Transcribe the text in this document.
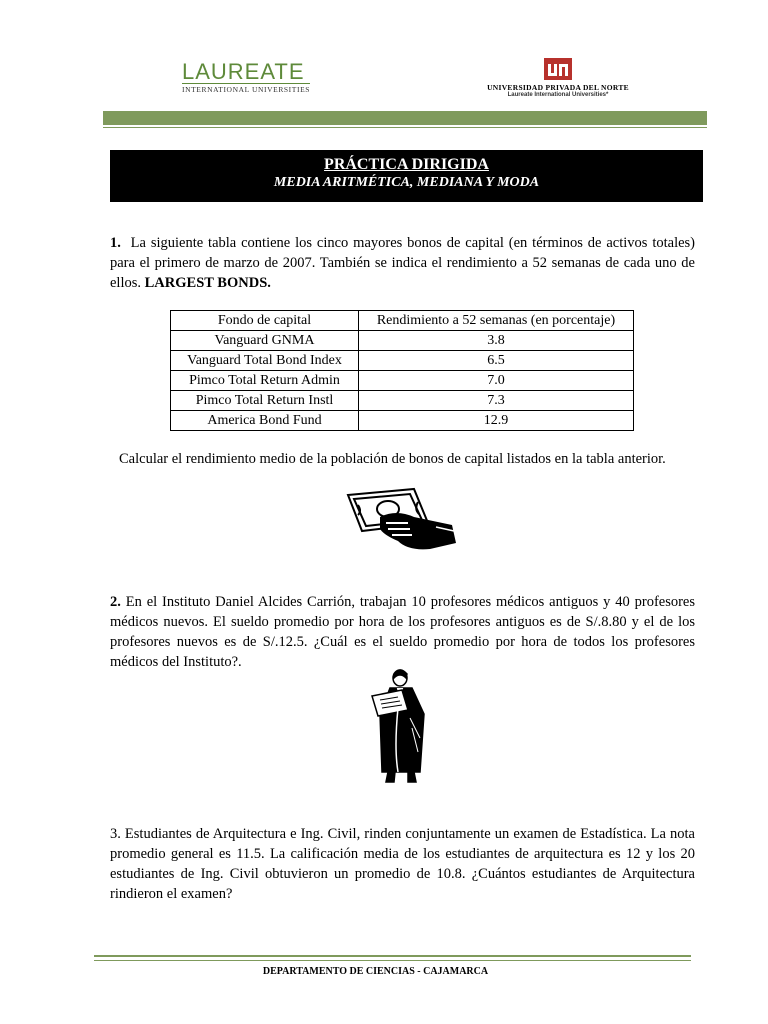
LAUREATE
INTERNATIONAL UNIVERSITIES	UNIVERSIDAD PRIVADA DEL NORTE
Laureate International Universities*
PRÁCTICA DIRIGIDA
MEDIA ARITMÉTICA, MEDIANA Y MODA
1. La siguiente tabla contiene los cinco mayores bonos de capital (en términos de activos totales) para el primero de marzo de 2007. También se indica el rendimiento a 52 semanas de cada uno de ellos. LARGEST BONDS.
Fondo de capital	Rendimiento a 52 semanas (en porcentaje)
Vanguard GNMA	3.8
Vanguard Total Bond Index	6.5
Pimco Total Return Admin	7.0
Pimco Total Return Instl	7.3
America Bond Fund	12.9
Calcular el rendimiento medio de la población de bonos de capital listados en la tabla anterior.
2. En el Instituto Daniel Alcides Carrión, trabajan 10 profesores médicos antiguos y 40 profesores médicos nuevos. El sueldo promedio por hora de los profesores antiguos es de S/.8.80 y el de los profesores nuevos es de S/.12.5. ¿Cuál es el sueldo promedio por hora de todos los profesores médicos del Instituto?.
3. Estudiantes de Arquitectura e Ing. Civil, rinden conjuntamente un examen de Estadística. La nota promedio general es 11.5. La calificación media de los estudiantes de arquitectura es 12 y los 20 estudiantes de Ing. Civil obtuvieron un promedio de 10.8. ¿Cuántos estudiantes de Arquitectura rindieron el examen?
DEPARTAMENTO DE CIENCIAS - CAJAMARCA
